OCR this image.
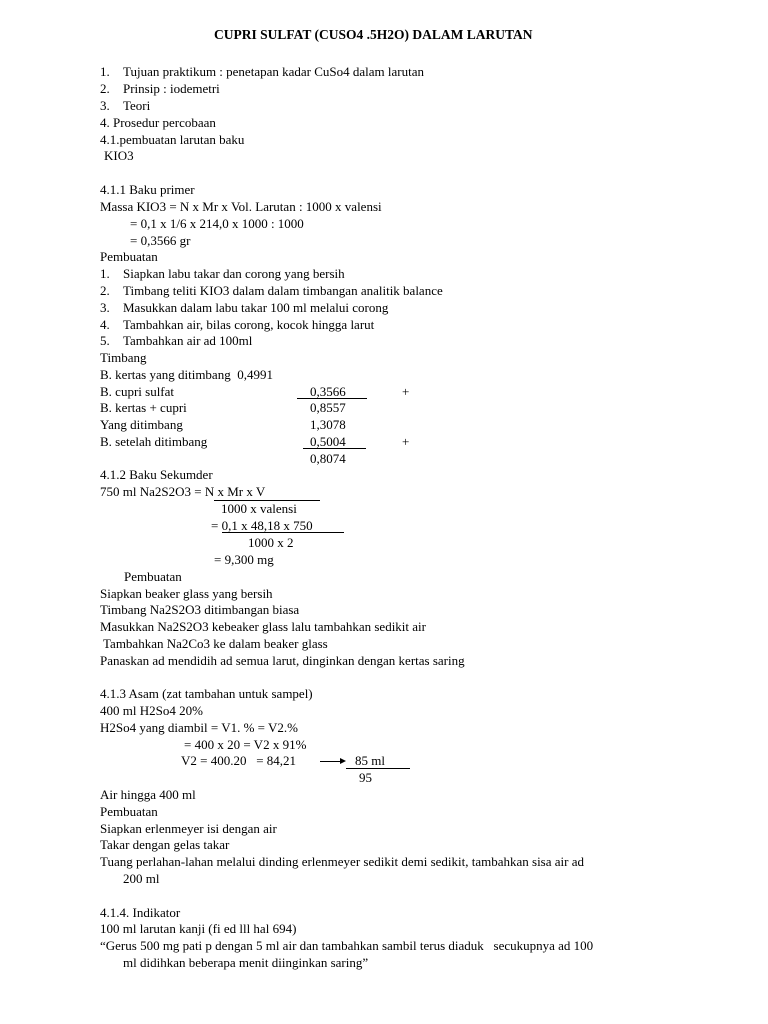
CUPRI SULFAT (CUSO4 .5H2O) DALAM LARUTAN
1. Tujuan praktikum : penetapan kadar CuSo4 dalam larutan
2. Prinsip : iodemetri
3. Teori
4. Prosedur percobaan
4.1.pembuatan larutan baku
KIO3
4.1.1 Baku primer
Massa KIO3 = N x Mr x Vol. Larutan : 1000 x valensi
= 0,1 x 1/6 x 214,0 x 1000 : 1000
= 0,3566 gr
Pembuatan
1. Siapkan labu takar dan corong yang bersih
2. Timbang teliti KIO3 dalam dalam timbangan analitik balance
3. Masukkan dalam labu takar 100 ml melalui corong
4. Tambahkan air, bilas corong, kocok hingga larut
5. Tambahkan air ad 100ml
Timbang
B. kertas yang ditimbang  0,4991
B. cupri sulfat	0,3566	+
B. kertas + cupri	0,8557
Yang ditimbang	1,3078
B. setelah ditimbang	0,5004	+
0,8074
4.1.2 Baku Sekumder
750 ml Na2S2O3 = N x Mr x V
1000 x valensi
= 0,1 x 48,18 x 750
1000 x 2
= 9,300 mg
Pembuatan
Siapkan beaker glass yang bersih
Timbang Na2S2O3 ditimbangan biasa
Masukkan Na2S2O3 kebeaker glass lalu tambahkan sedikit air
Tambahkan Na2Co3 ke dalam beaker glass
Panaskan ad mendidih ad semua larut, dinginkan dengan kertas saring
4.1.3 Asam (zat tambahan untuk sampel)
400 ml H2So4 20%
H2So4 yang diambil = V1. % = V2.%
= 400 x 20 = V2 x 91%
V2 = 400.20   = 84,21	85 ml
95
Air hingga 400 ml
Pembuatan
Siapkan erlenmeyer isi dengan air
Takar dengan gelas takar
Tuang perlahan-lahan melalui dinding erlenmeyer sedikit demi sedikit, tambahkan sisa air ad
200 ml
4.1.4. Indikator
100 ml larutan kanji (fi ed lll hal 694)
“Gerus 500 mg pati p dengan 5 ml air dan tambahkan sambil terus diaduk   secukupnya ad 100
ml didihkan beberapa menit diinginkan saring”
